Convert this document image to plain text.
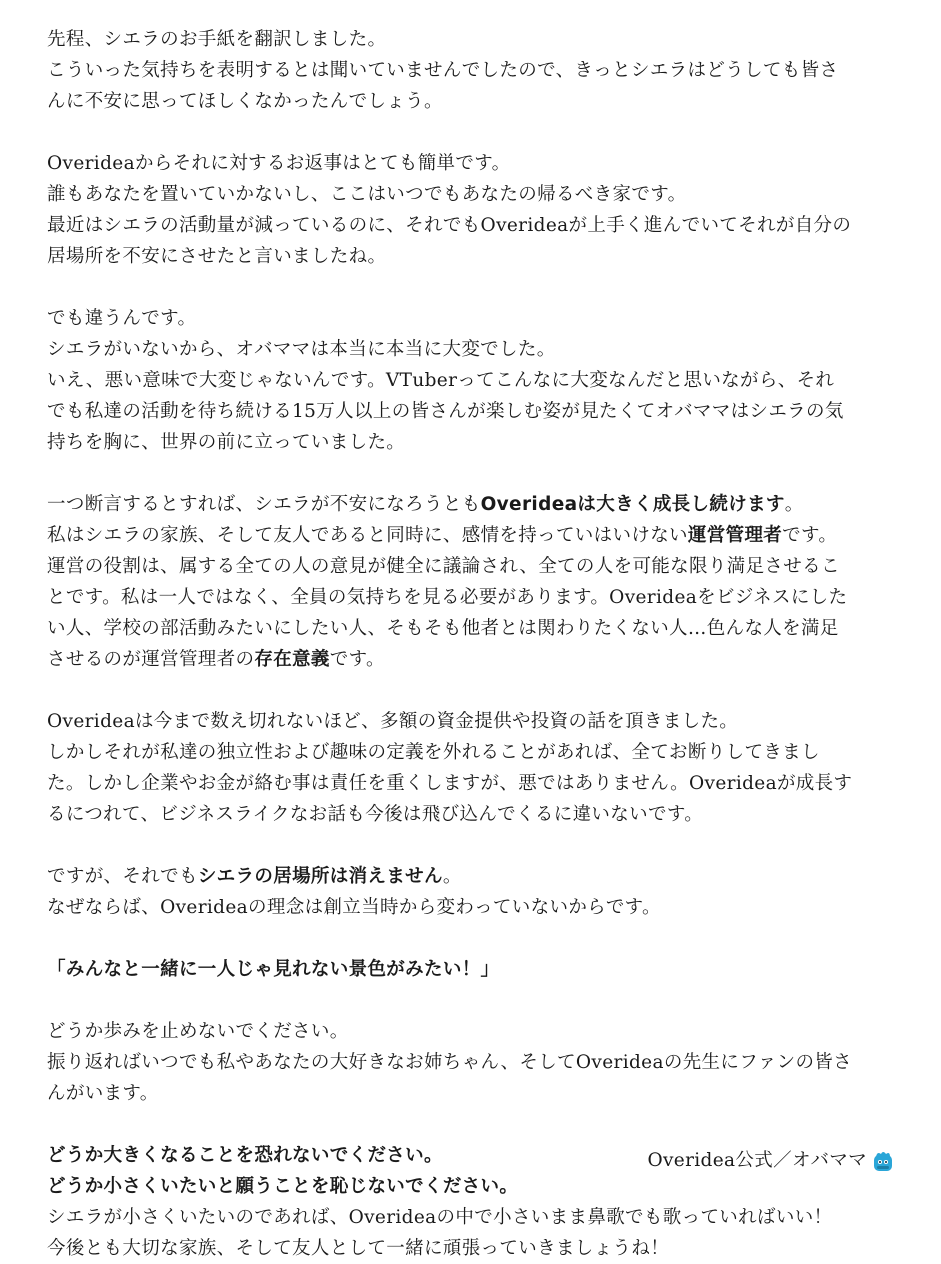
先程、シエラのお手紙を翻訳しました。
こういった気持ちを表明するとは聞いていませんでしたので、きっとシエラはどうしても皆さ
んに不安に思ってほしくなかったんでしょう。
Overideaからそれに対するお返事はとても簡単です。
誰もあなたを置いていかないし、ここはいつでもあなたの帰るべき家です。
最近はシエラの活動量が減っているのに、それでもOverideaが上手く進んでいてそれが自分の
居場所を不安にさせたと言いましたね。
でも違うんです。
シエラがいないから、オバママは本当に本当に大変でした。
いえ、悪い意味で大変じゃないんです。VTuberってこんなに大変なんだと思いながら、それ
でも私達の活動を待ち続ける15万人以上の皆さんが楽しむ姿が見たくてオバママはシエラの気
持ちを胸に、世界の前に立っていました。
一つ断言するとすれば、シエラが不安になろうともOverideaは大きく成長し続けます。
私はシエラの家族、そして友人であると同時に、感情を持っていはいけない運営管理者です。
運営の役割は、属する全ての人の意見が健全に議論され、全ての人を可能な限り満足させるこ
とです。私は一人ではなく、全員の気持ちを見る必要があります。Overideaをビジネスにした
い人、学校の部活動みたいにしたい人、そもそも他者とは関わりたくない人…色んな人を満足
させるのが運営管理者の存在意義です。
Overideaは今まで数え切れないほど、多額の資金提供や投資の話を頂きました。
しかしそれが私達の独立性および趣味の定義を外れることがあれば、全てお断りしてきまし
た。しかし企業やお金が絡む事は責任を重くしますが、悪ではありません。Overideaが成長す
るにつれて、ビジネスライクなお話も今後は飛び込んでくるに違いないです。
ですが、それでもシエラの居場所は消えません。
なぜならば、Overideaの理念は創立当時から変わっていないからです。
「みんなと一緒に一人じゃ見れない景色がみたい！」
どうか歩みを止めないでください。
振り返ればいつでも私やあなたの大好きなお姉ちゃん、そしてOverideaの先生にファンの皆さ
んがいます。
どうか大きくなることを恐れないでください。
どうか小さくいたいと願うことを恥じないでください。
シエラが小さくいたいのであれば、Overideaの中で小さいまま鼻歌でも歌っていればいい！
今後とも大切な家族、そして友人として一緒に頑張っていきましょうね！
Overidea公式／オバママ
